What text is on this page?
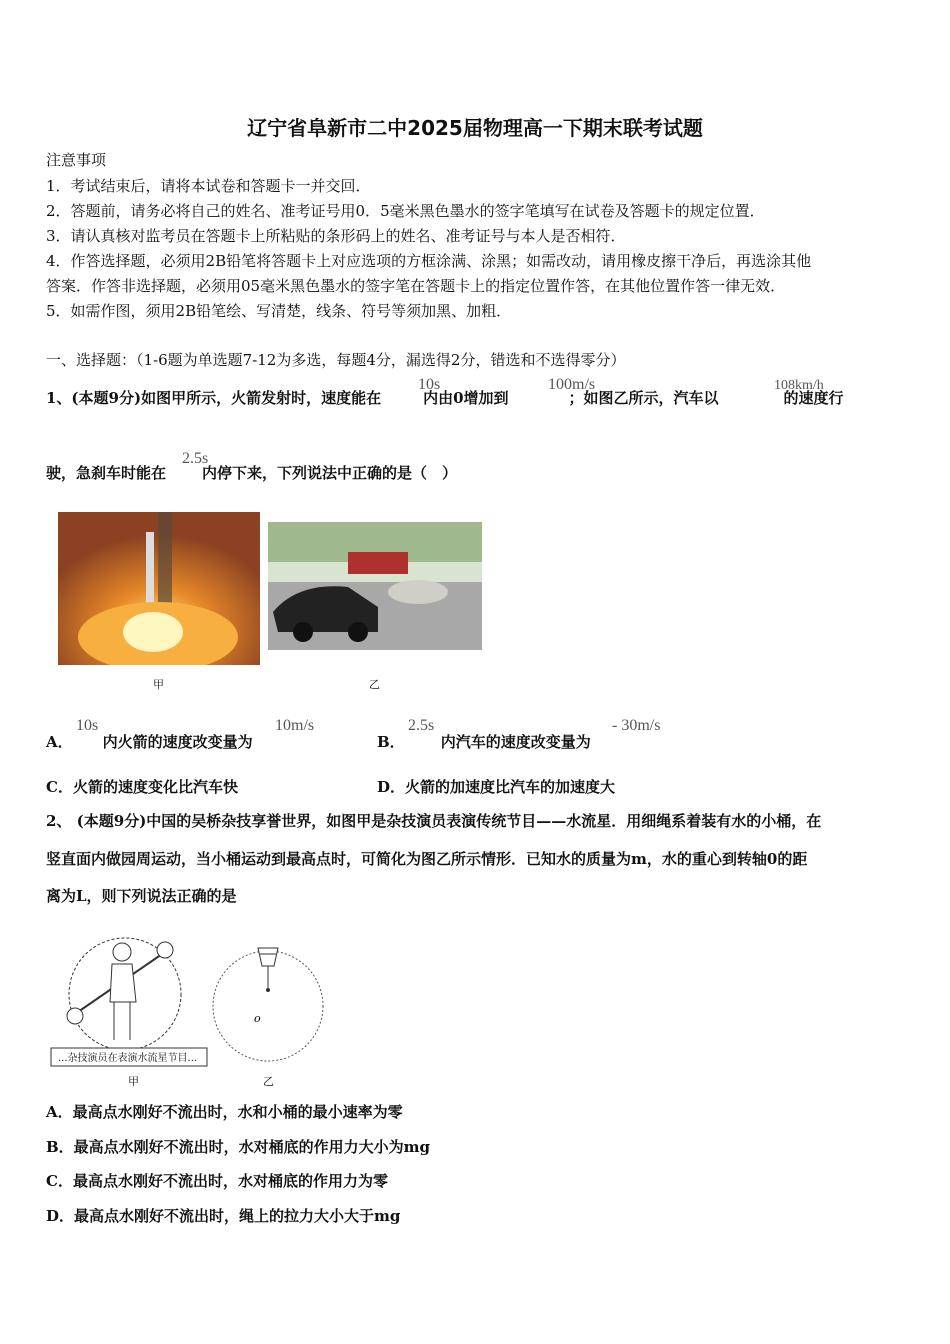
辽宁省阜新市二中2025届物理高一下期末联考试题
注意事项
1．考试结束后，请将本试卷和答题卡一并交回．
2．答题前，请务必将自己的姓名、准考证号用0．5毫米黑色墨水的签字笔填写在试卷及答题卡的规定位置．
3．请认真核对监考员在答题卡上所粘贴的条形码上的姓名、准考证号与本人是否相符．
4．作答选择题，必须用2B铅笔将答题卡上对应选项的方框涂满、涂黑；如需改动，请用橡皮擦干净后，再选涂其他
答案．作答非选择题，必须用05毫米黑色墨水的签字笔在答题卡上的指定位置作答，在其他位置作答一律无效．
5．如需作图，须用2B铅笔绘、写清楚，线条、符号等须加黑、加粗．
一、选择题：（1-6题为单选题7-12为多选，每题4分，漏选得2分，错选和不选得零分）
1、(本题9分)如图甲所示，火箭发射时，速度能在	内由0增加到	；如图乙所示，汽车以	的速度行
10s	100m/s	108km/h
驶，急刹车时能在 内停下来，下列说法中正确的是（　）
2.5s
甲	乙
A． 内火箭的速度改变量为
10s	10m/s
B． 内汽车的速度改变量为
2.5s	- 30m/s
C．火箭的速度变化比汽车快	D．火箭的加速度比汽车的加速度大
2、 (本题9分)中国的吴桥杂技享誉世界，如图甲是杂技演员表演传统节目——水流星．用细绳系着装有水的小桶，在
竖直面内做园周运动，当小桶运动到最高点时，可简化为图乙所示情形．已知水的质量为m，水的重心到转轴0的距
离为L，则下列说法正确的是
...杂技演员在表演水流星节目...
o
甲	乙
A．最高点水刚好不流出时，水和小桶的最小速率为零
B．最高点水刚好不流出时，水对桶底的作用力大小为mg
C．最高点水刚好不流出时，水对桶底的作用力为零
D．最高点水刚好不流出时，绳上的拉力大小大于mg
